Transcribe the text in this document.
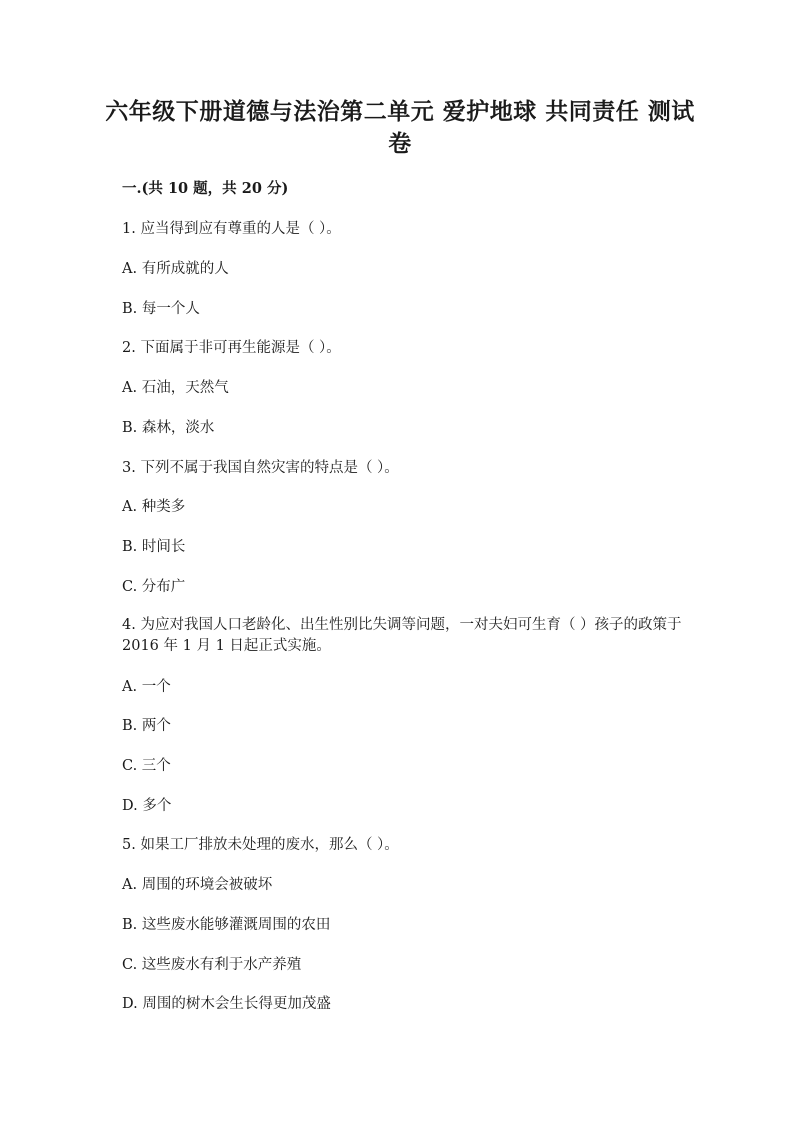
六年级下册道德与法治第二单元 爱护地球 共同责任 测试卷
一.(共 10 题，共 20 分)
1. 应当得到应有尊重的人是（ ）。
A. 有所成就的人
B. 每一个人
2. 下面属于非可再生能源是（ ）。
A. 石油，天然气
B. 森林，淡水
3. 下列不属于我国自然灾害的特点是（ ）。
A. 种类多
B. 时间长
C. 分布广
4. 为应对我国人口老龄化、出生性别比失调等问题，一对夫妇可生育（ ）孩子的政策于 2016 年 1 月 1 日起正式实施。
A. 一个
B. 两个
C. 三个
D. 多个
5. 如果工厂排放未处理的废水，那么（ ）。
A. 周围的环境会被破坏
B. 这些废水能够灌溉周围的农田
C. 这些废水有利于水产养殖
D. 周围的树木会生长得更加茂盛
